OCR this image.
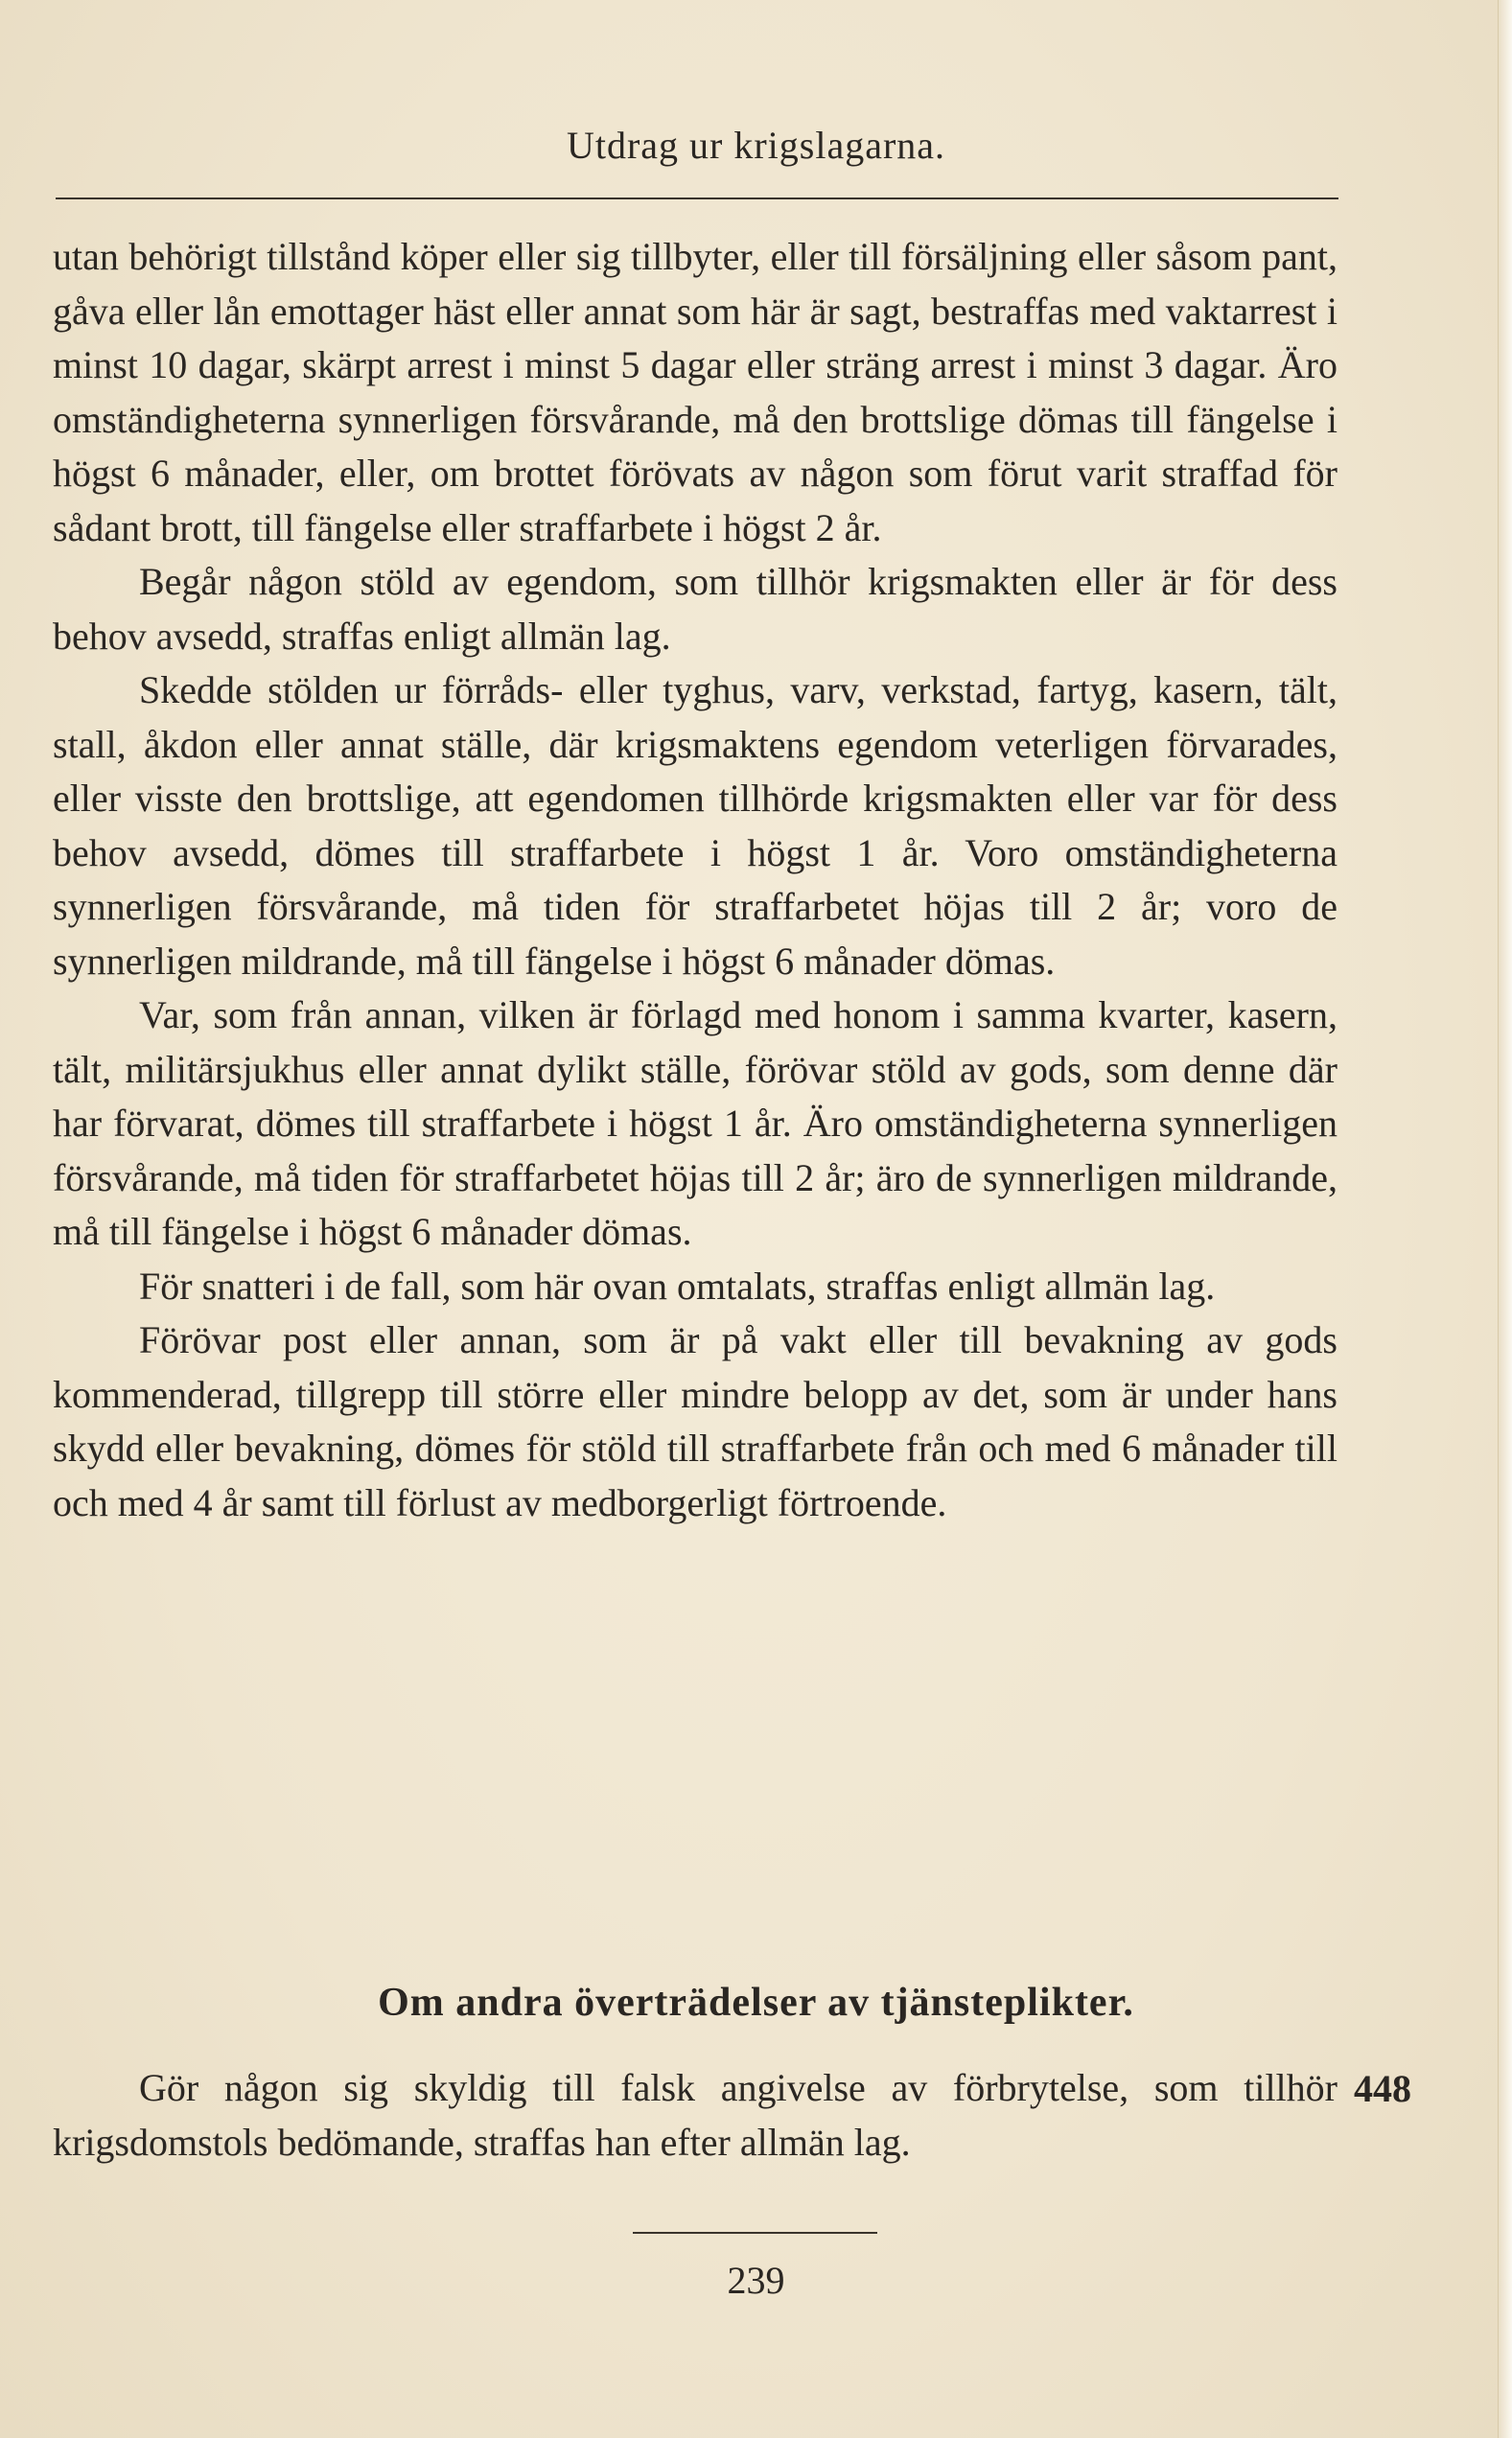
Utdrag ur krigslagarna.

utan behörigt tillstånd köper eller sig tillbyter, eller till försäljning eller såsom pant, gåva eller lån emottager häst eller annat som här är sagt, bestraffas med vaktarrest i minst 10 dagar, skärpt arrest i minst 5 dagar eller sträng arrest i minst 3 dagar. Äro omständigheterna synnerligen försvårande, må den brottslige dömas till fängelse i högst 6 månader, eller, om brottet förövats av någon som förut varit straffad för sådant brott, till fängelse eller straffarbete i högst 2 år.

Begår någon stöld av egendom, som tillhör krigsmakten eller är för dess behov avsedd, straffas enligt allmän lag.

Skedde stölden ur förråds- eller tyghus, varv, verkstad, fartyg, kasern, tält, stall, åkdon eller annat ställe, där krigsmaktens egendom veterligen förvarades, eller visste den brottslige, att egendomen tillhörde krigsmakten eller var för dess behov avsedd, dömes till straffarbete i högst 1 år. Voro omständigheterna synnerligen försvårande, må tiden för straffarbetet höjas till 2 år; voro de synnerligen mildrande, må till fängelse i högst 6 månader dömas.

Var, som från annan, vilken är förlagd med honom i samma kvarter, kasern, tält, militärsjukhus eller annat dylikt ställe, förövar stöld av gods, som denne där har förvarat, dömes till straffarbete i högst 1 år. Äro omständigheterna synnerligen försvårande, må tiden för straffarbetet höjas till 2 år; äro de synnerligen mildrande, må till fängelse i högst 6 månader dömas.

För snatteri i de fall, som här ovan omtalats, straffas enligt allmän lag.

Förövar post eller annan, som är på vakt eller till bevakning av gods kommenderad, tillgrepp till större eller mindre belopp av det, som är under hans skydd eller bevakning, dömes för stöld till straffarbete från och med 6 månader till och med 4 år samt till förlust av medborgerligt förtroende.

Om andra överträdelser av tjänsteplikter.

Gör någon sig skyldig till falsk angivelse av förbrytelse, som tillhör krigsdomstols bedömande, straffas han efter allmän lag.

448
239
